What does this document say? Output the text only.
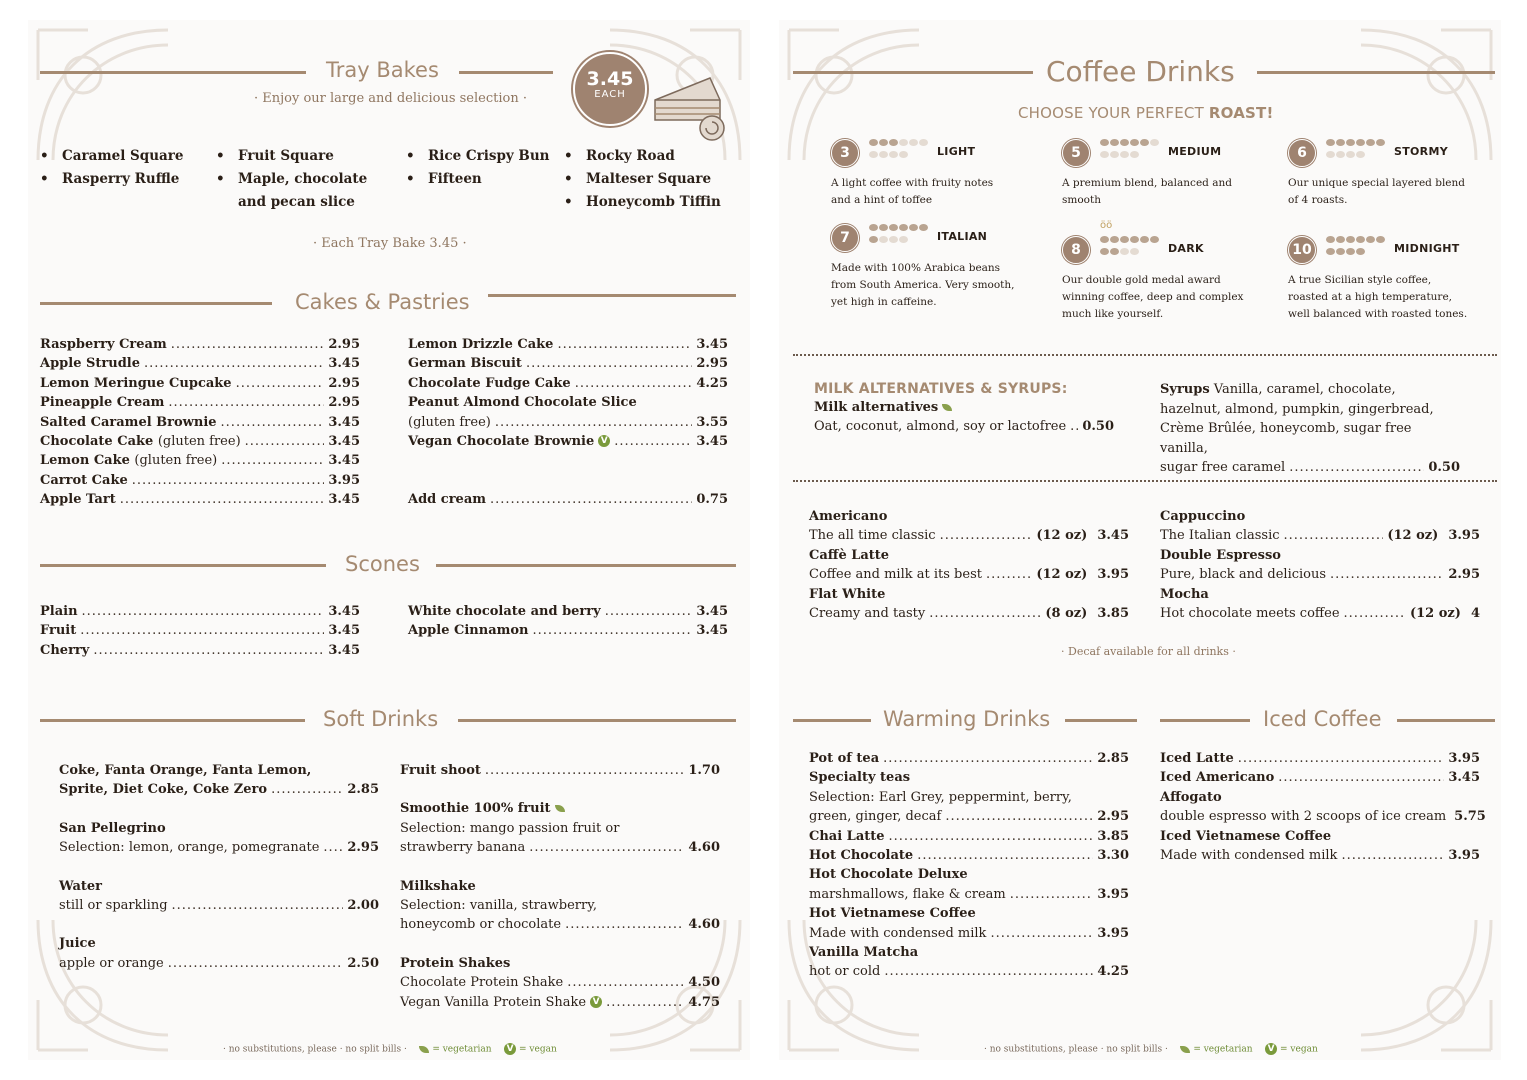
Tray Bakes
· Enjoy our large and delicious selection ·
3.45
EACH
• Caramel Square
• Rasperry Ruffle
• Fruit Square
• Maple, chocolate
and pecan slice
• Rice Crispy Bun
• Fifteen
• Rocky Road
• Malteser Square
• Honeycomb Tiffin
· Each Tray Bake 3.45 ·
Cakes & Pastries
Raspberry Cream .....	2.95
Apple Strudle .....	3.45
Lemon Meringue Cupcake .....	2.95
Pineapple Cream .....	2.95
Salted Caramel Brownie .....	3.45
Chocolate Cake (gluten free) .....	3.45
Lemon Cake (gluten free) .....	3.45
Carrot Cake .....	3.95
Apple Tart .....	3.45
Lemon Drizzle Cake .....	3.45
German Biscuit .....	2.95
Chocolate Fudge Cake .....	4.25
Peanut Almond Chocolate Slice
(gluten free) .....	3.55
Vegan Chocolate Brownie V .....	3.45
Add cream .....	0.75
Scones
Plain .....	3.45
Fruit .....	3.45
Cherry .....	3.45
White chocolate and berry .....	3.45
Apple Cinnamon .....	3.45
Soft Drinks
Coke, Fanta Orange, Fanta Lemon,
Sprite, Diet Coke, Coke Zero .....	2.85
San Pellegrino
Selection: lemon, orange, pomegranate ..... 2.95
Water
still or sparkling .....	2.00
Juice
apple or orange .....	2.50
Fruit shoot .....	1.70
Smoothie 100% fruit
Selection: mango passion fruit or
strawberry banana .....	4.60
Milkshake
Selection: vanilla, strawberry,
honeycomb or chocolate .....	4.60
Protein Shakes
Chocolate Protein Shake .....	4.50
Vegan Vanilla Protein Shake V .....	4.75
· no substitutions, please · no split bills ·	= vegetarian V = vegan
Coffee Drinks
CHOOSE YOUR PERFECT ROAST!
3	LIGHT
A light coffee with fruity notes and a hint of toffee
5	MEDIUM
A premium blend, balanced and smooth
6	STORMY
Our unique special layered blend of 4 roasts.
7	ITALIAN
Made with 100% Arabica beans from South America. Very smooth, yet high in caffeine.
ӧӧ
8	DARK
Our double gold medal award winning coffee, deep and complex much like yourself.
10	MIDNIGHT
A true Sicilian style coffee, roasted at a high temperature, well balanced with roasted tones.
MILK ALTERNATIVES & SYRUPS:
Milk alternatives
Oat, coconut, almond, soy or lactofree ..... 0.50
Syrups Vanilla, caramel, chocolate,
hazelnut, almond, pumpkin, gingerbread,
Crème Brûlée, honeycomb, sugar free vanilla,
sugar free caramel .....	0.50
Americano
The all time classic .....	(12 oz) 3.45
Caffè Latte
Coffee and milk at its best .....	(12 oz) 3.95
Flat White
Creamy and tasty .....	(8 oz) 3.85
Cappuccino
The Italian classic .....	(12 oz) 3.95
Double Espresso
Pure, black and delicious .....	2.95
Mocha
Hot chocolate meets coffee .....	(12 oz) 4
· Decaf available for all drinks ·
Warming Drinks
Pot of tea .....	2.85
Specialty teas
Selection: Earl Grey, peppermint, berry,
green, ginger, decaf .....	2.95
Chai Latte .....	3.85
Hot Chocolate .....	3.30
Hot Chocolate Deluxe
marshmallows, flake & cream .....	3.95
Hot Vietnamese Coffee
Made with condensed milk .....	3.95
Vanilla Matcha
hot or cold .....	4.25
Iced Coffee
Iced Latte .....	3.95
Iced Americano .....	3.45
Affogato
double espresso with 2 scoops of ice cream 5.75
Iced Vietnamese Coffee
Made with condensed milk .....	3.95
· no substitutions, please · no split bills ·	= vegetarian V = vegan
